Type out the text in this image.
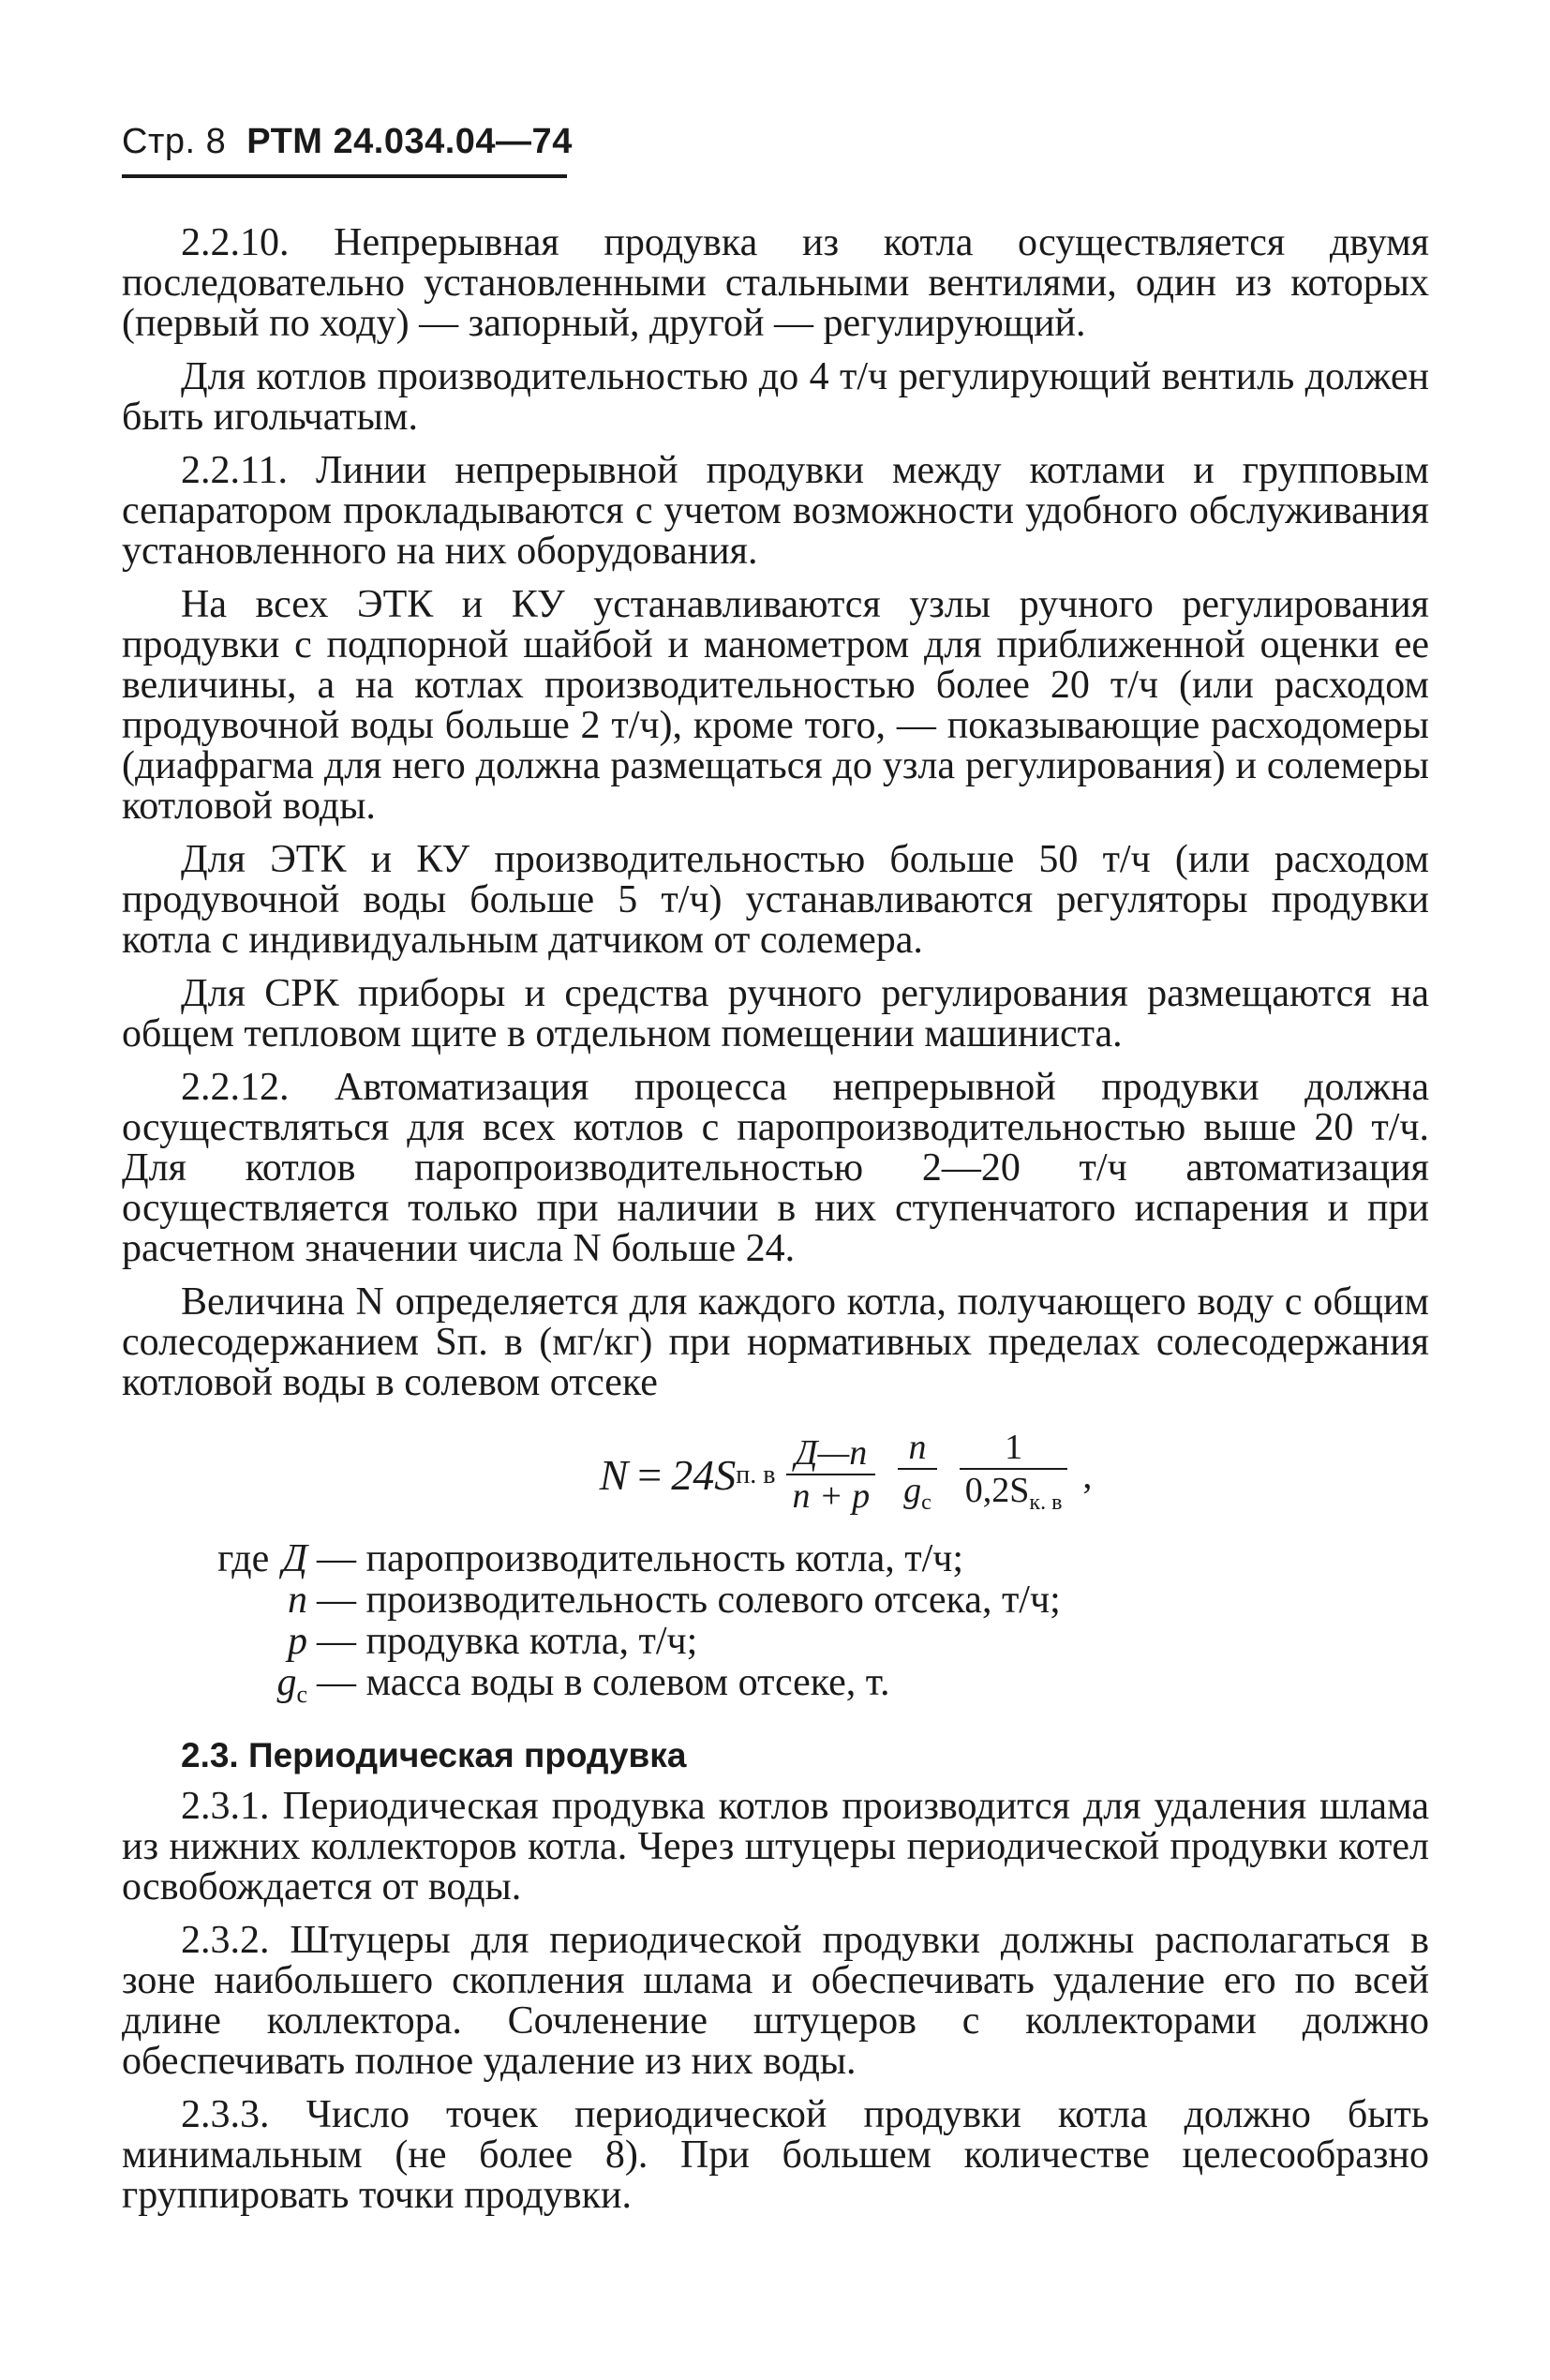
Стр. 8 РТМ 24.034.04—74

2.2.10. Непрерывная продувка из котла осуществляется двумя последовательно установленными стальными вентилями, один из которых (первый по ходу) — запорный, другой — регулирующий.

Для котлов производительностью до 4 т/ч регулирующий вентиль должен быть игольчатым.

2.2.11. Линии непрерывной продувки между котлами и групповым сепаратором прокладываются с учетом возможности удобного обслуживания установленного на них оборудования.

На всех ЭТК и КУ устанавливаются узлы ручного регулирования продувки с подпорной шайбой и манометром для приближенной оценки ее величины, а на котлах производительностью более 20 т/ч (или расходом продувочной воды больше 2 т/ч), кроме того, — показывающие расходомеры (диафрагма для него должна размещаться до узла регулирования) и солемеры котловой воды.

Для ЭТК и КУ производительностью больше 50 т/ч (или расходом продувочной воды больше 5 т/ч) устанавливаются регуляторы продувки котла с индивидуальным датчиком от солемера.

Для СРК приборы и средства ручного регулирования размещаются на общем тепловом щите в отдельном помещении машиниста.

2.2.12. Автоматизация процесса непрерывной продувки должна осуществляться для всех котлов с паропроизводительностью выше 20 т/ч. Для котлов паропроизводительностью 2—20 т/ч автоматизация осуществляется только при наличии в них ступенчатого испарения и при расчетном значении числа N больше 24.

Величина N определяется для каждого котла, получающего воду с общим солесодержанием Sп. в (мг/кг) при нормативных пределах солесодержания котловой воды в солевом отсеке

N = 24S п. в $\frac{Д—n}{n + p} \frac{n}{g_c} \frac{1}{0,2S_{к. в}}$ ,
где Д — паропроизводительность котла, т/ч;
n — производительность солевого отсека, т/ч;
p — продувка котла, т/ч;
gc — масса воды в солевом отсеке, т.
2.3. Периодическая продувка

2.3.1. Периодическая продувка котлов производится для удаления шлама из нижних коллекторов котла. Через штуцеры периодической продувки котел освобождается от воды.

2.3.2. Штуцеры для периодической продувки должны располагаться в зоне наибольшего скопления шлама и обеспечивать удаление его по всей длине коллектора. Сочленение штуцеров с коллекторами должно обеспечивать полное удаление из них воды.

2.3.3. Число точек периодической продувки котла должно быть минимальным (не более 8). При большем количестве целесообразно группировать точки продувки.
